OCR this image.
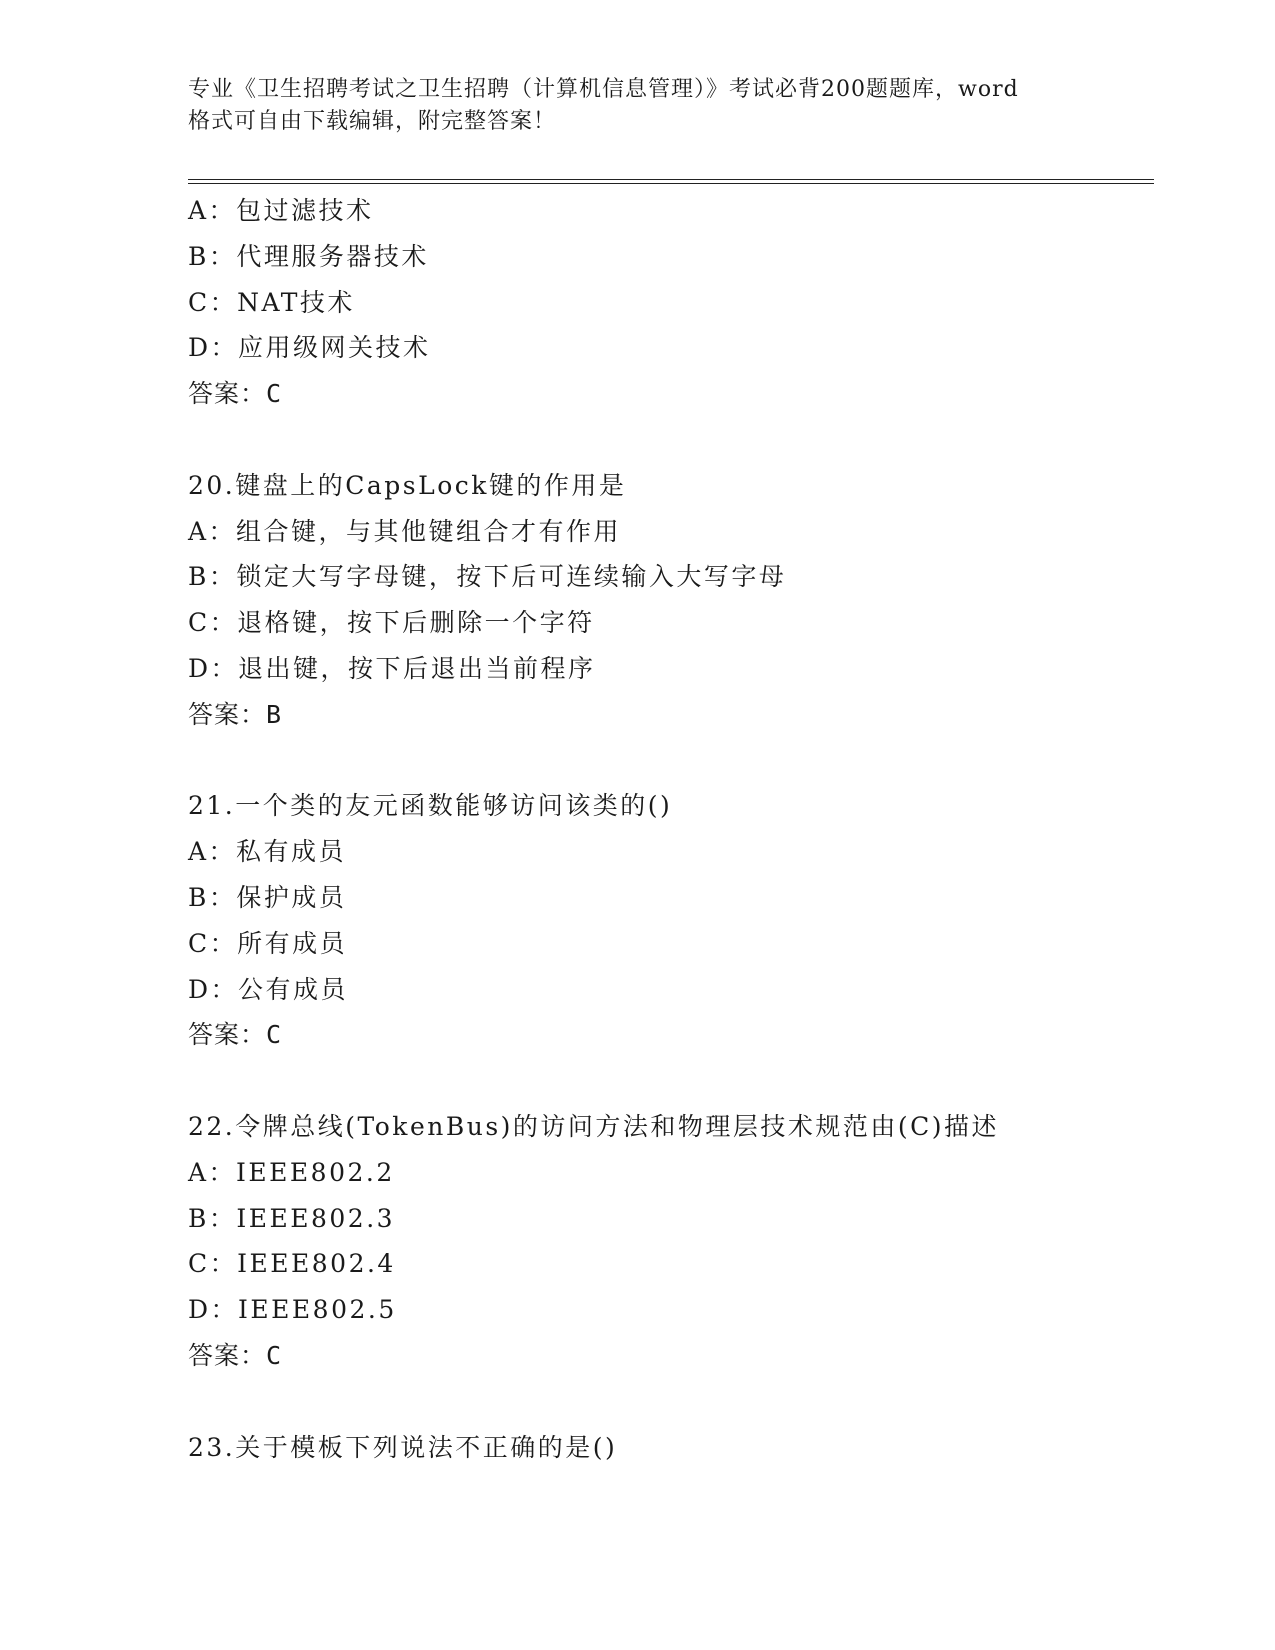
专业《卫生招聘考试之卫生招聘（计算机信息管理）》考试必背200题题库，word
格式可自由下载编辑，附完整答案！
A：包过滤技术
B：代理服务器技术
C：NAT技术
D：应用级网关技术
答案：C
20.键盘上的CapsLock键的作用是
A：组合键，与其他键组合才有作用
B：锁定大写字母键，按下后可连续输入大写字母
C：退格键，按下后删除一个字符
D：退出键，按下后退出当前程序
答案：B
21.一个类的友元函数能够访问该类的()
A：私有成员
B：保护成员
C：所有成员
D：公有成员
答案：C
22.令牌总线(TokenBus)的访问方法和物理层技术规范由(C)描述
A：IEEE802.2
B：IEEE802.3
C：IEEE802.4
D：IEEE802.5
答案：C
23.关于模板下列说法不正确的是()
